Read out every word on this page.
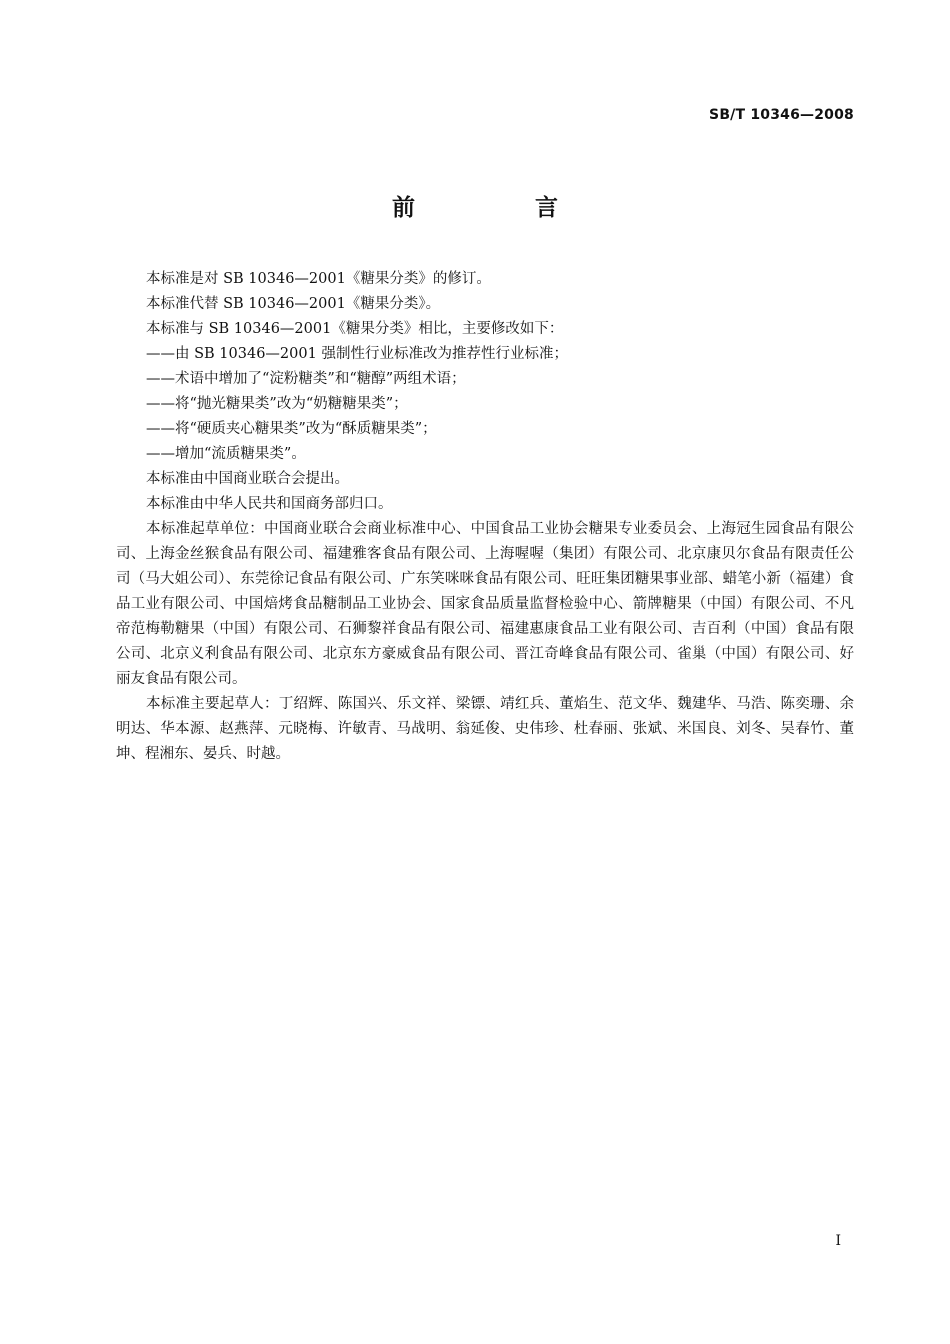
SB/T 10346—2008
前 言

本标准是对 SB 10346—2001《糖果分类》的修订。

本标准代替 SB 10346—2001《糖果分类》。

本标准与 SB 10346—2001《糖果分类》相比，主要修改如下：

——由 SB 10346—2001 强制性行业标准改为推荐性行业标准；

——术语中增加了“淀粉糖类”和“糖醇”两组术语；

——将“抛光糖果类”改为“奶糖糖果类”；

——将“硬质夹心糖果类”改为“酥质糖果类”；

——增加“流质糖果类”。

本标准由中国商业联合会提出。

本标准由中华人民共和国商务部归口。

本标准起草单位：中国商业联合会商业标准中心、中国食品工业协会糖果专业委员会、上海冠生园食品有限公司、上海金丝猴食品有限公司、福建雅客食品有限公司、上海喔喔（集团）有限公司、北京康贝尔食品有限责任公司（马大姐公司）、东莞徐记食品有限公司、广东笑咪咪食品有限公司、旺旺集团糖果事业部、蜡笔小新（福建）食品工业有限公司、中国焙烤食品糖制品工业协会、国家食品质量监督检验中心、箭牌糖果（中国）有限公司、不凡帝范梅勒糖果（中国）有限公司、石狮黎祥食品有限公司、福建惠康食品工业有限公司、吉百利（中国）食品有限公司、北京义利食品有限公司、北京东方豪威食品有限公司、晋江奇峰食品有限公司、雀巢（中国）有限公司、好丽友食品有限公司。

本标准主要起草人：丁绍辉、陈国兴、乐文祥、梁镖、靖红兵、董焰生、范文华、魏建华、马浩、陈奕珊、余明达、华本源、赵燕萍、元晓梅、许敏青、马战明、翁延俊、史伟珍、杜春丽、张斌、米国良、刘冬、吴春竹、董坤、程湘东、晏兵、时越。

I
